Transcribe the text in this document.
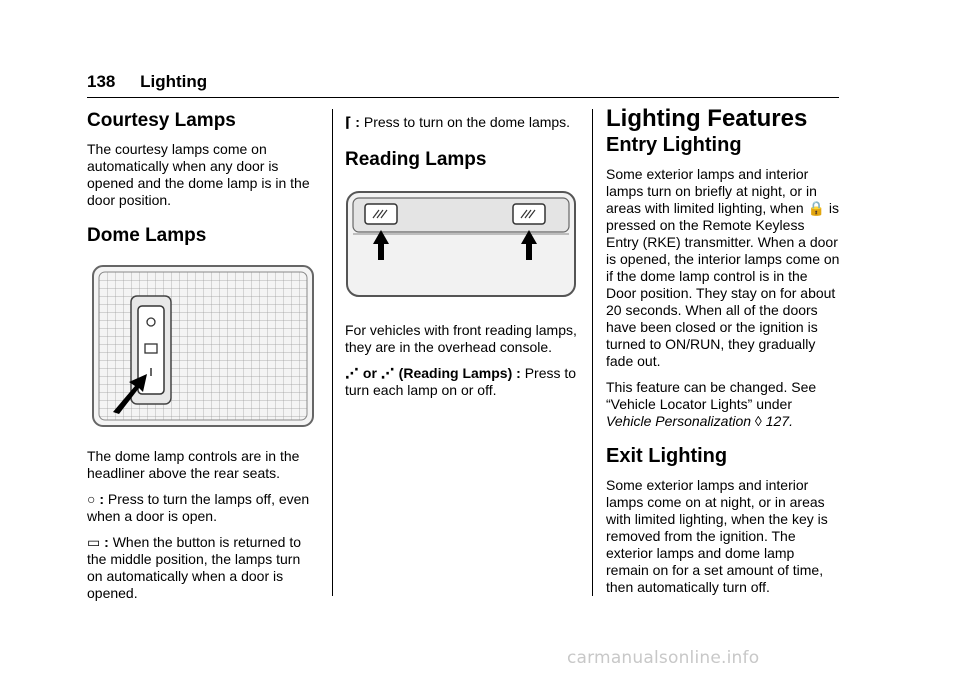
138 Lighting
Courtesy Lamps

The courtesy lamps come on automatically when any door is opened and the dome lamp is in the door position.

Dome Lamps

The dome lamp controls are in the headliner above the rear seats.

○ : Press to turn the lamps off, even when a door is open.

▭ : When the button is returned to the middle position, the lamps turn on automatically when a door is opened.

⌈ : Press to turn on the dome lamps.

Reading Lamps

For vehicles with front reading lamps, they are in the overhead console.

⋰ or ⋰ (Reading Lamps) : Press to turn each lamp on or off.

Lighting Features
Entry Lighting

Some exterior lamps and interior lamps turn on briefly at night, or in areas with limited lighting, when 🔒 is pressed on the Remote Keyless Entry (RKE) transmitter. When a door is opened, the interior lamps come on if the dome lamp control is in the Door position. They stay on for about 20 seconds. When all of the doors have been closed or the ignition is turned to ON/RUN, they gradually fade out.

This feature can be changed. See “Vehicle Locator Lights” under Vehicle Personalization ◊ 127.

Exit Lighting

Some exterior lamps and interior lamps come on at night, or in areas with limited lighting, when the key is removed from the ignition. The exterior lamps and dome lamp remain on for a set amount of time, then automatically turn off.

carmanualsonline.info
